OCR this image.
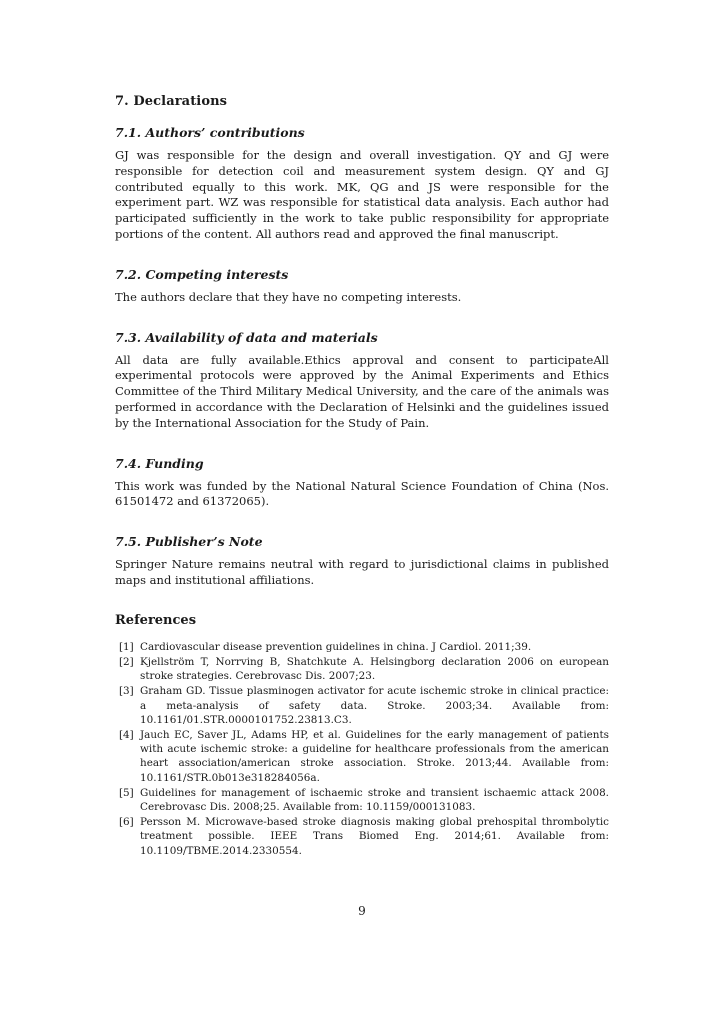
7. Declarations
7.1. Authors’ contributions

GJ was responsible for the design and overall investigation. QY and GJ were responsible for detection coil and measurement system design. QY and GJ contributed equally to this work. MK, QG and JS were responsible for the experiment part. WZ was responsible for statistical data analysis. Each author had participated sufficiently in the work to take public responsibility for appropriate portions of the content. All authors read and approved the final manuscript.

7.2. Competing interests

The authors declare that they have no competing interests.

7.3. Availability of data and materials

All data are fully available.Ethics approval and consent to participateAll experimental protocols were approved by the Animal Experiments and Ethics Committee of the Third Military Medical University, and the care of the animals was performed in accordance with the Declaration of Helsinki and the guidelines issued by the International Association for the Study of Pain.

7.4. Funding

This work was funded by the National Natural Science Foundation of China (Nos. 61501472 and 61372065).

7.5. Publisher’s Note

Springer Nature remains neutral with regard to jurisdictional claims in published maps and institutional affiliations.

References
[1] Cardiovascular disease prevention guidelines in china. J Cardiol. 2011;39.
[2] Kjellström T, Norrving B, Shatchkute A. Helsingborg declaration 2006 on european stroke strategies. Cerebrovasc Dis. 2007;23.
[3] Graham GD. Tissue plasminogen activator for acute ischemic stroke in clinical practice: a meta-analysis of safety data. Stroke. 2003;34. Available from: 10.1161/01.STR.0000101752.23813.C3.
[4] Jauch EC, Saver JL, Adams HP, et al. Guidelines for the early management of patients with acute ischemic stroke: a guideline for healthcare professionals from the american heart association/american stroke association. Stroke. 2013;44. Available from: 10.1161/STR.0b013e318284056a.
[5] Guidelines for management of ischaemic stroke and transient ischaemic attack 2008. Cerebrovasc Dis. 2008;25. Available from: 10.1159/000131083.
[6] Persson M. Microwave-based stroke diagnosis making global prehospital thrombolytic treatment possible. IEEE Trans Biomed Eng. 2014;61. Available from: 10.1109/TBME.2014.2330554.
9
